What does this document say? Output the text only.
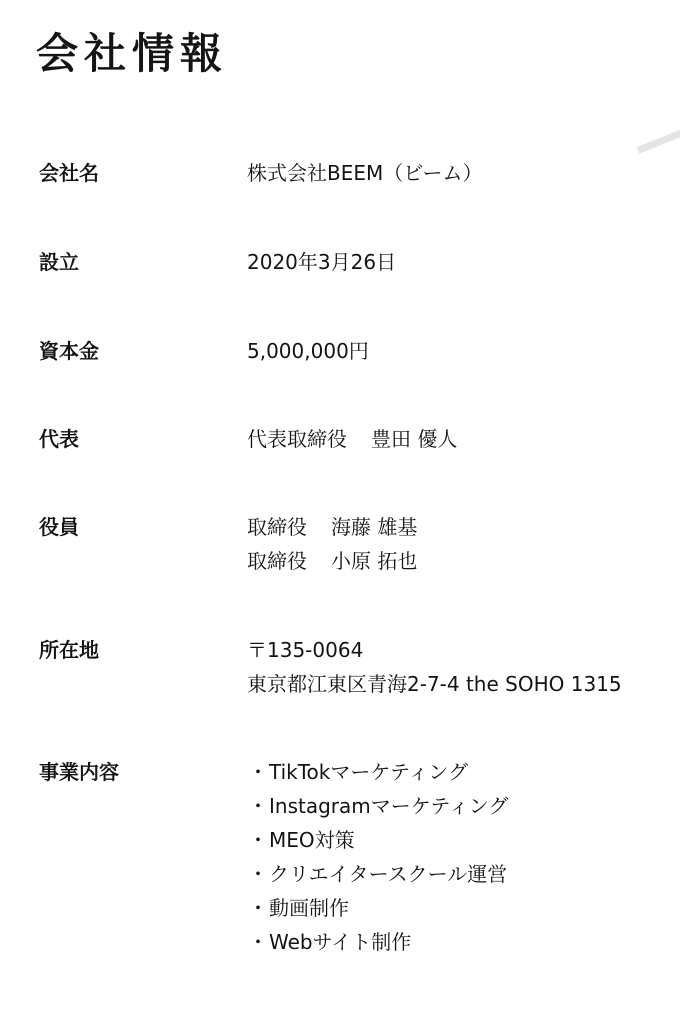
会社情報
会社名	株式会社BEEM（ビーム）
設立	2020年3月26日
資本金	5,000,000円
代表	代表取締役 豊田 優人
役員	取締役 海藤 雄基
取締役 小原 拓也
所在地	〒135-0064
東京都江東区青海2-7-4 the SOHO 1315
事業内容	・TikTokマーケティング
・Instagramマーケティング
・MEO対策
・クリエイタースクール運営
・動画制作
・Webサイト制作
